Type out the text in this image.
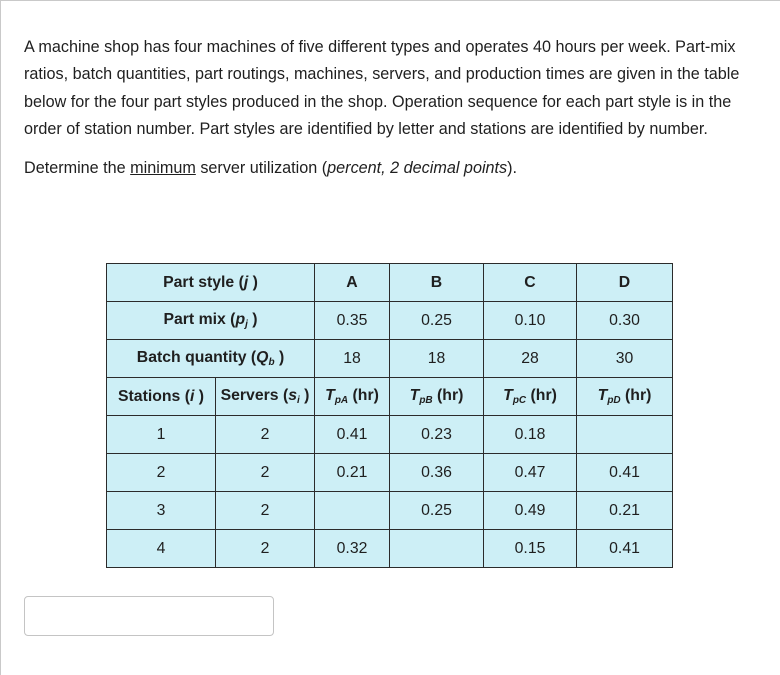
A machine shop has four machines of five different types and operates 40 hours per week. Part-mix ratios, batch quantities, part routings, machines, servers, and production times are given in the table below for the four part styles produced in the shop. Operation sequence for each part style is in the order of station number. Part styles are identified by letter and stations are identified by number.

Determine the minimum server utilization (percent, 2 decimal points).

Part style (j )		A	B	C	D
Part mix ($p_j$ )		0.35	0.25	0.10	0.30
Batch quantity ($Q_b$ )		18	18	28	30
Stations (i )	Servers ($s_i$ )	$T_{pA}$ (hr)	$T_{pB}$ (hr)	$T_{pC}$ (hr)	$T_{pD}$ (hr)
1	2	0.41	0.23	0.18	
2	2	0.21	0.36	0.47	0.41
3	2		0.25	0.49	0.21
4	2	0.32		0.15	0.41
